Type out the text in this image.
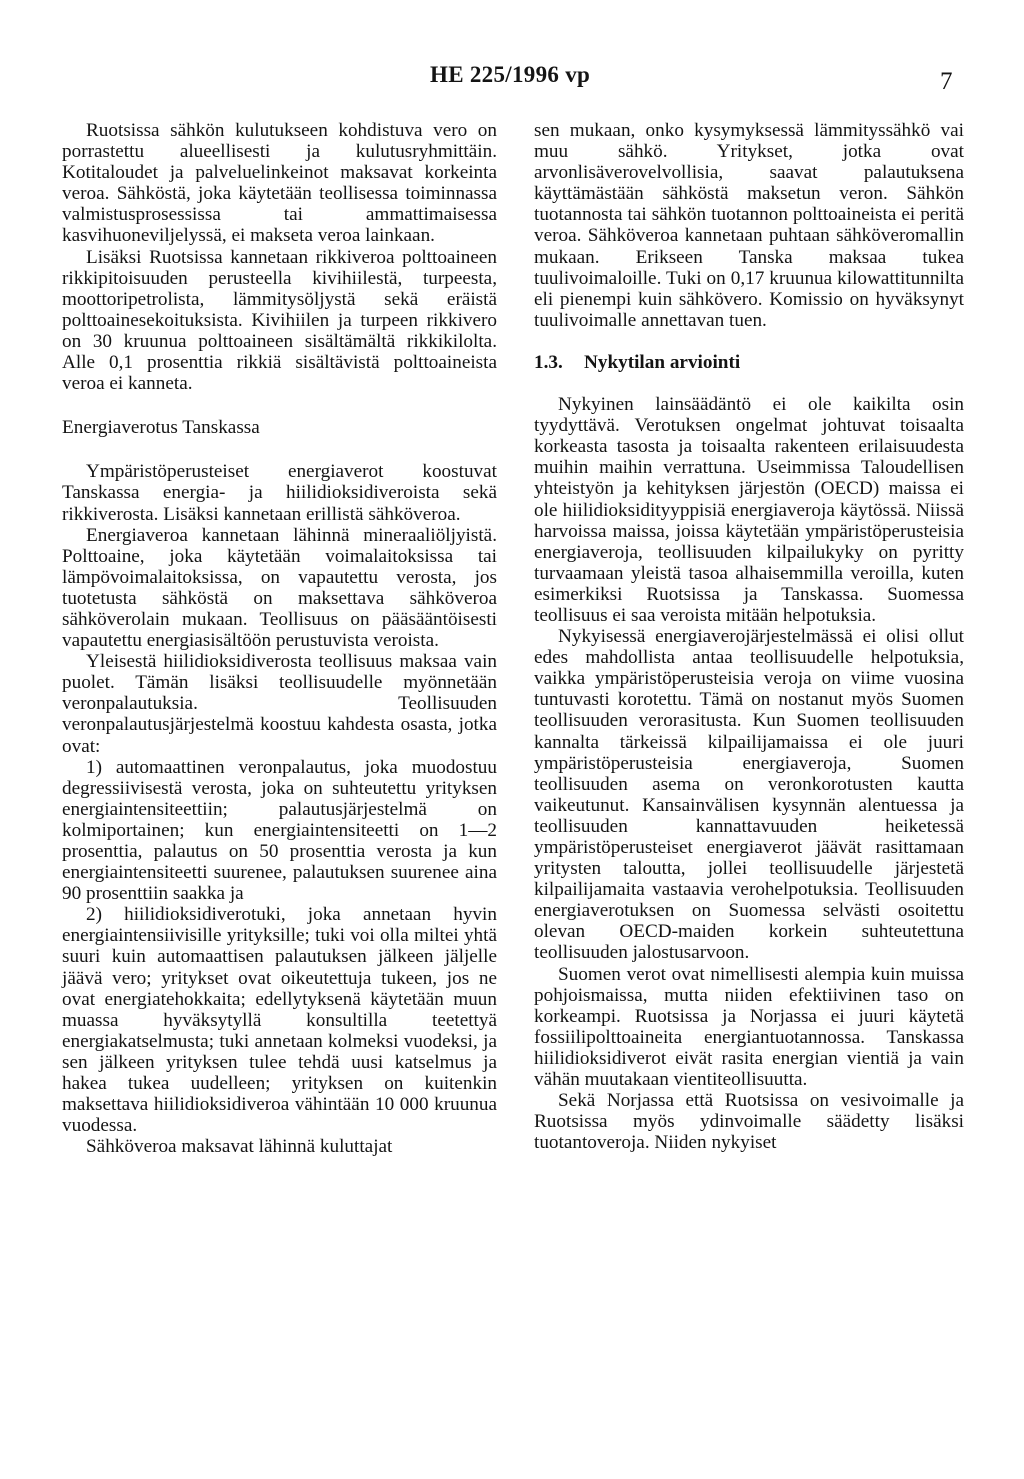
HE 225/1996 vp	7

Ruotsissa sähkön kulutukseen kohdistuva vero on porrastettu alueellisesti ja kulutusryhmittäin. Kotitaloudet ja palveluelinkeinot maksavat korkeinta veroa. Sähköstä, joka käytetään teollisessa toiminnassa valmistusprosessissa tai ammattimaisessa kasvihuoneviljelyssä, ei makseta veroa lainkaan.

Lisäksi Ruotsissa kannetaan rikkiveroa polttoaineen rikkipitoisuuden perusteella kivihiilestä, turpeesta, moottoripetrolista, lämmitysöljystä sekä eräistä polttoainesekoituksista. Kivihiilen ja turpeen rikkivero on 30 kruunua polttoaineen sisältämältä rikkikilolta. Alle 0,1 prosenttia rikkiä sisältävistä polttoaineista veroa ei kanneta.

Energiaverotus Tanskassa

Ympäristöperusteiset energiaverot koostuvat Tanskassa energia- ja hiilidioksidiveroista sekä rikkiverosta. Lisäksi kannetaan erillistä sähköveroa.

Energiaveroa kannetaan lähinnä mineraaliöljyistä. Polttoaine, joka käytetään voimalaitoksissa tai lämpövoimalaitoksissa, on vapautettu verosta, jos tuotetusta sähköstä on maksettava sähköveroa sähköverolain mukaan. Teollisuus on pääsääntöisesti vapautettu energiasisältöön perustuvista veroista.

Yleisestä hiilidioksidiverosta teollisuus maksaa vain puolet. Tämän lisäksi teollisuudelle myönnetään veronpalautuksia. Teollisuuden veronpalautusjärjestelmä koostuu kahdesta osasta, jotka ovat:

1) automaattinen veronpalautus, joka muodostuu degressiivisestä verosta, joka on suhteutettu yrityksen energiaintensiteettiin; palautusjärjestelmä on kolmiportainen; kun energiaintensiteetti on 1—2 prosenttia, palautus on 50 prosenttia verosta ja kun energiaintensiteetti suurenee, palautuksen suurenee aina 90 prosenttiin saakka ja

2) hiilidioksidiverotuki, joka annetaan hyvin energiaintensiivisille yrityksille; tuki voi olla miltei yhtä suuri kuin automaattisen palautuksen jälkeen jäljelle jäävä vero; yritykset ovat oikeutettuja tukeen, jos ne ovat energiatehokkaita; edellytyksenä käytetään muun muassa hyväksytyllä konsultilla teetettyä energiakatselmusta; tuki annetaan kolmeksi vuodeksi, ja sen jälkeen yrityksen tulee tehdä uusi katselmus ja hakea tukea uudelleen; yrityksen on kuitenkin maksettava hiilidioksidiveroa vähintään 10 000 kruunua vuodessa.

Sähköveroa maksavat lähinnä kuluttajat

sen mukaan, onko kysymyksessä lämmityssähkö vai muu sähkö. Yritykset, jotka ovat arvonlisäverovelvollisia, saavat palautuksena käyttämästään sähköstä maksetun veron. Sähkön tuotannosta tai sähkön tuotannon polttoaineista ei peritä veroa. Sähköveroa kannetaan puhtaan sähköveromallin mukaan. Erikseen Tanska maksaa tukea tuulivoimaloille. Tuki on 0,17 kruunua kilowattitunnilta eli pienempi kuin sähkövero. Komissio on hyväksynyt tuulivoimalle annettavan tuen.

1.3. Nykytilan arviointi

Nykyinen lainsäädäntö ei ole kaikilta osin tyydyttävä. Verotuksen ongelmat johtuvat toisaalta korkeasta tasosta ja toisaalta rakenteen erilaisuudesta muihin maihin verrattuna. Useimmissa Taloudellisen yhteistyön ja kehityksen järjestön (OECD) maissa ei ole hiilidioksidityyppisiä energiaveroja käytössä. Niissä harvoissa maissa, joissa käytetään ympäristöperusteisia energiaveroja, teollisuuden kilpailukyky on pyritty turvaamaan yleistä tasoa alhaisemmilla veroilla, kuten esimerkiksi Ruotsissa ja Tanskassa. Suomessa teollisuus ei saa veroista mitään helpotuksia.

Nykyisessä energiaverojärjestelmässä ei olisi ollut edes mahdollista antaa teollisuudelle helpotuksia, vaikka ympäristöperusteisia veroja on viime vuosina tuntuvasti korotettu. Tämä on nostanut myös Suomen teollisuuden verorasitusta. Kun Suomen teollisuuden kannalta tärkeissä kilpailijamaissa ei ole juuri ympäristöperusteisia energiaveroja, Suomen teollisuuden asema on veronkorotusten kautta vaikeutunut. Kansainvälisen kysynnän alentuessa ja teollisuuden kannattavuuden heiketessä ympäristöperusteiset energiaverot jäävät rasittamaan yritysten taloutta, jollei teollisuudelle järjestetä kilpailijamaita vastaavia verohelpotuksia. Teollisuuden energiaverotuksen on Suomessa selvästi osoitettu olevan OECD-maiden korkein suhteutettuna teollisuuden jalostusarvoon.

Suomen verot ovat nimellisesti alempia kuin muissa pohjoismaissa, mutta niiden efektiivinen taso on korkeampi. Ruotsissa ja Norjassa ei juuri käytetä fossiilipolttoaineita energiantuotannossa. Tanskassa hiilidioksidiverot eivät rasita energian vientiä ja vain vähän muutakaan vientiteollisuutta.

Sekä Norjassa että Ruotsissa on vesivoimalle ja Ruotsissa myös ydinvoimalle säädetty lisäksi tuotantoveroja. Niiden nykyiset
